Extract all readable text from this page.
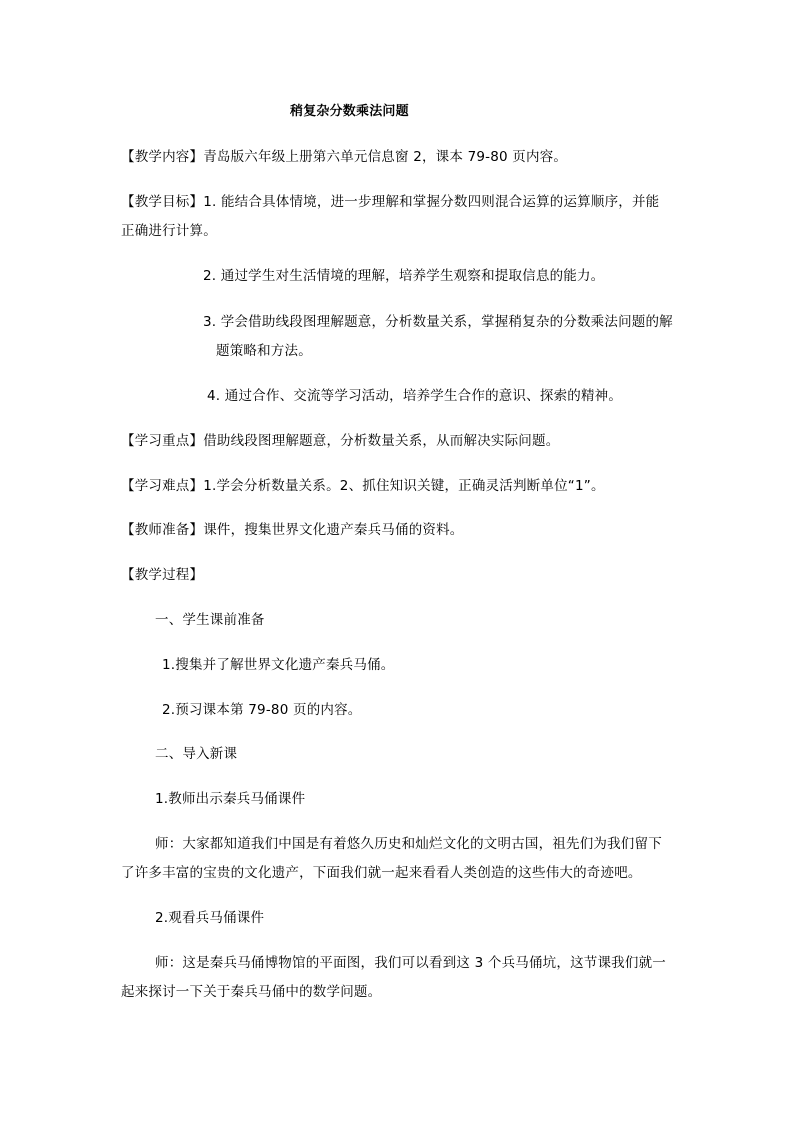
稍复杂分数乘法问题
【教学内容】青岛版六年级上册第六单元信息窗 2，课本 79-80 页内容。
【教学目标】1. 能结合具体情境，进一步理解和掌握分数四则混合运算的运算顺序，并能
正确进行计算。
2. 通过学生对生活情境的理解，培养学生观察和提取信息的能力。
3. 学会借助线段图理解题意，分析数量关系，掌握稍复杂的分数乘法问题的解
题策略和方法。
4. 通过合作、交流等学习活动，培养学生合作的意识、探索的精神。
【学习重点】借助线段图理解题意，分析数量关系，从而解决实际问题。
【学习难点】1.学会分析数量关系。2、抓住知识关键，正确灵活判断单位“1”。
【教师准备】课件，搜集世界文化遗产秦兵马俑的资料。
【教学过程】
一、学生课前准备
1.搜集并了解世界文化遗产秦兵马俑。
2.预习课本第 79-80 页的内容。
二、导入新课
1.教师出示秦兵马俑课件
师：大家都知道我们中国是有着悠久历史和灿烂文化的文明古国，祖先们为我们留下
了许多丰富的宝贵的文化遗产，下面我们就一起来看看人类创造的这些伟大的奇迹吧。
2.观看兵马俑课件
师：这是秦兵马俑博物馆的平面图，我们可以看到这 3 个兵马俑坑，这节课我们就一
起来探讨一下关于秦兵马俑中的数学问题。
